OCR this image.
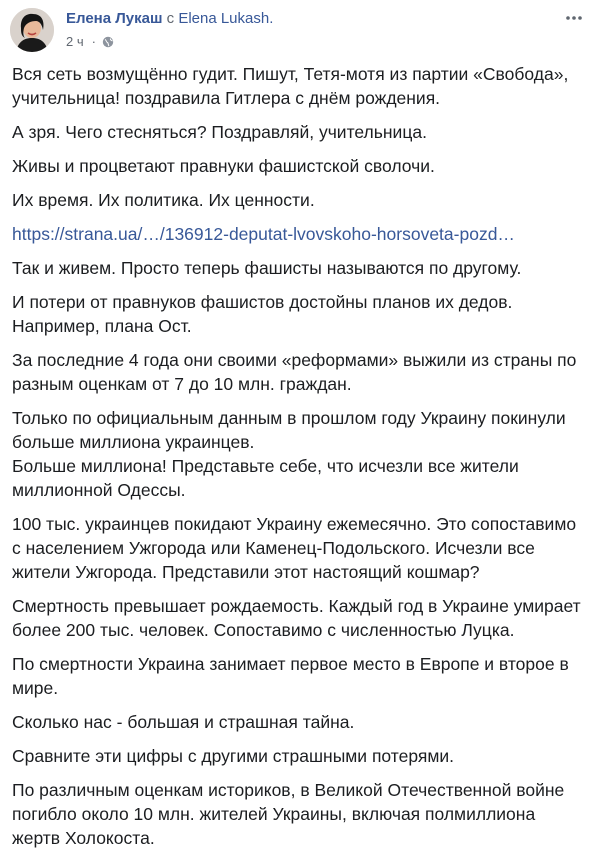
Елена Лукаш с Elena Lukash.
2 ч ·

Вся сеть возмущённо гудит. Пишут, Тетя-мотя из партии «Свобода», учительница! поздравила Гитлера с днём рождения.

А зря. Чего стесняться? Поздравляй, учительница.

Живы и процветают правнуки фашистской сволочи.

Их время. Их политика. Их ценности.

https://strana.ua/…/136912-deputat-lvovskoho-horsoveta-pozd…

Так и живем. Просто теперь фашисты называются по другому.

И потери от правнуков фашистов достойны планов их дедов. Например, плана Ост.

За последние 4 года они своими «реформами» выжили из страны по разным оценкам от 7 до 10 млн. граждан.

Только по официальным данным в прошлом году Украину покинули больше миллиона украинцев.

Больше миллиона! Представьте себе, что исчезли все жители миллионной Одессы.

100 тыс. украинцев покидают Украину ежемесячно. Это сопоставимо с населением Ужгорода или Каменец-Подольского. Исчезли все жители Ужгорода. Представили этот настоящий кошмар?

Смертность превышает рождаемость. Каждый год в Украине умирает более 200 тыс. человек. Сопоставимо с численностью Луцка.

По смертности Украина занимает первое место в Европе и второе в мире.

Сколько нас - большая и страшная тайна.

Сравните эти цифры с другими страшными потерями.

По различным оценкам историков, в Великой Отечественной войне погибло около 10 млн. жителей Украины, включая полмиллиона жертв Холокоста.
